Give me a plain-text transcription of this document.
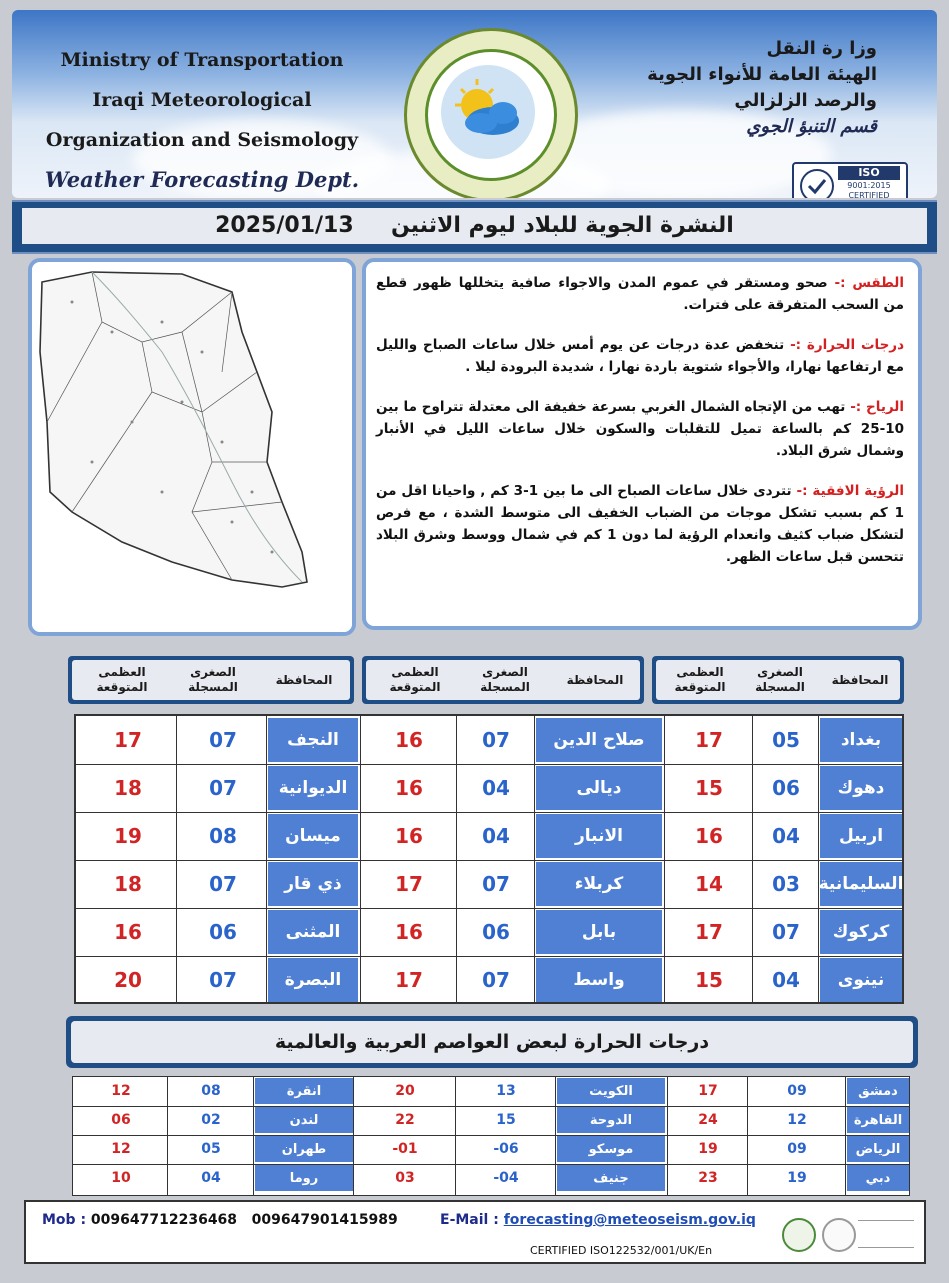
Ministry of Transportation
Iraqi Meteorological
Organization and Seismology
Weather Forecasting Dept.
وزا رة النقل
الهيئة العامة للأنواء الجوية
والرصد الزلزالي
قسم التنبؤ الجوي
ISO
9001:2015
CERTIFIED
النشرة الجوية للبلاد ليوم الاثنين  2025/01/13

الطقس :- صحو ومستقر في عموم المدن والاجواء صافية يتخللها ظهور قطع من السحب المتفرقة على فترات.

درجات الحرارة :- تنخفض عدة درجات عن يوم أمس خلال ساعات الصباح والليل مع ارتفاعها نهارا، والأجواء شتوية باردة نهارا ، شديدة البرودة ليلا .

الرياح :- تهب من الإتجاه الشمال الغربي بسرعة خفيفة الى معتدلة تتراوح ما بين 10-25 كم بالساعة تميل للتقلبات والسكون خلال ساعات الليل في الأنبار وشمال شرق البلاد.

الرؤية الافقية :- تتردى خلال ساعات الصباح الى ما بين 1-3 كم , واحيانا اقل من 1 كم بسبب تشكل موجات من الضباب الخفيف الى متوسط الشدة ، مع فرص لتشكل ضباب كثيف وانعدام الرؤية لما دون 1 كم في شمال ووسط وشرق البلاد تتحسن قبل ساعات الظهر.

المحافظة
الصغرى
المسجلة
العظمى
المتوقعة
المحافظة
الصغرى
المسجلة
العظمى
المتوقعة
المحافظة
الصغرى
المسجلة
العظمى
المتوقعة
بغداد
05
17
صلاح الدين
07
16
النجف
07
17
دهوك
06
15
ديالى
04
16
الديوانية
07
18
اربيل
04
16
الانبار
04
16
ميسان
08
19
السليمانية
03
14
كربلاء
07
17
ذي قار
07
18
كركوك
07
17
بابل
06
16
المثنى
06
16
نينوى
04
15
واسط
07
17
البصرة
07
20
درجات الحرارة لبعض العواصم العربية والعالمية
دمشق
09
17
الكويت
13
20
انقرة
08
12
القاهرة
12
24
الدوحة
15
22
لندن
02
06
الرياض
09
19
موسكو
-06
-01
طهران
05
12
دبي
19
23
جنيف
-04
03
روما
04
10
Mob : 009647712236468   009647901415989	E-Mail : forecasting@meteoseism.gov.iq
CERTIFIED ISO122532/001/UK/En
